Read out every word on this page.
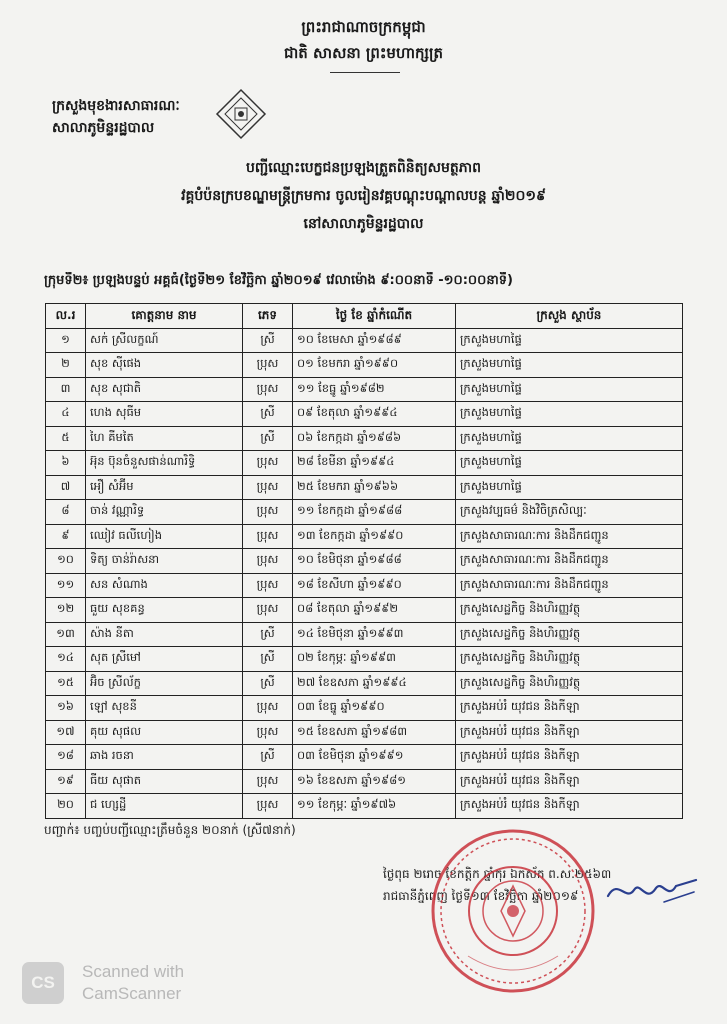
ព្រះរាជាណាចក្រកម្ពុជា
ជាតិ សាសនា ព្រះមហាក្សត្រ
ក្រសួងមុខងារសាធារណៈ
សាលាភូមិន្ទរដ្ឋបាល
បញ្ជីឈ្មោះបេក្ខជនប្រឡងត្រួតពិនិត្យសមត្ថភាព
វគ្គបំប៉នក្របខណ្ឌមន្ត្រីក្រមការ ចូលរៀនវគ្គបណ្តុះបណ្តាលបន្ត ឆ្នាំ២០១៩
នៅសាលាភូមិន្ទរដ្ឋបាល
ក្រុមទី២៖ ប្រឡងបន្ទប់ អគ្គធំ(ថ្ងៃទី២១ ខែវិច្ឆិកា ឆ្នាំ២០១៩ វេលាម៉ោង ៩:០០នាទី -១០:០០នាទី)
ល.រ	គោត្តនាម នាម	ភេទ	ថ្ងៃ ខែ ឆ្នាំកំណើត	ក្រសួង ស្ថាប័ន
១	សក់ ស្រីលក្ខណ៍	ស្រី	១០ ខែមេសា ឆ្នាំ១៩៨៩	ក្រសួងមហាផ្ទៃ
២	សុខ ស៊ីផេង	ប្រុស	០១ ខែមករា ឆ្នាំ១៩៩០	ក្រសួងមហាផ្ទៃ
៣	សុខ សុជាតិ	ប្រុស	១១ ខែធ្នូ ឆ្នាំ១៩៨២	ក្រសួងមហាផ្ទៃ
៤	ហេង សុធីម	ស្រី	០៩ ខែតុលា ឆ្នាំ១៩៩៤	ក្រសួងមហាផ្ទៃ
៥	ហៃ គីមតៃ	ស្រី	០៦ ខែកក្កដា ឆ្នាំ១៩៨៦	ក្រសួងមហាផ្ទៃ
៦	អ៊ុន ប៊ុនចំនួសផាន់ណារិទ្ធិ	ប្រុស	២៨ ខែមីនា ឆ្នាំ១៩៩៤	ក្រសួងមហាផ្ទៃ
៧	អឿ សំអ៊ីម	ប្រុស	២៥ ខែមករា ឆ្នាំ១៩៦៦	ក្រសួងមហាផ្ទៃ
៨	ចាន់ វណ្ណារិទ្ធ	ប្រុស	១១ ខែកក្កដា ឆ្នាំ១៩៨៨	ក្រសួងវប្បធម៌ និងវិចិត្រសិល្បៈ
៩	ឈៀវ ធលីហៀង	ប្រុស	១៣ ខែកក្កដា ឆ្នាំ១៩៩០	ក្រសួងសាធារណៈការ និងដឹកជញ្ជូន
១០	ទិត្យ ចាន់រ៉ាសនា	ប្រុស	១០ ខែមិថុនា ឆ្នាំ១៩៨៨	ក្រសួងសាធារណៈការ និងដឹកជញ្ជូន
១១	សន សំណាង	ប្រុស	១៨ ខែសីហា ឆ្នាំ១៩៩០	ក្រសួងសាធារណៈការ និងដឹកជញ្ជូន
១២	ធួយ សុខគន្ធ	ប្រុស	០៨ ខែតុលា ឆ្នាំ១៩៩២	ក្រសួងសេដ្ឋកិច្ច និងហិរញ្ញវត្ថុ
១៣	ស៉ាង នីតា	ស្រី	១៤ ខែមិថុនា ឆ្នាំ១៩៩៣	ក្រសួងសេដ្ឋកិច្ច និងហិរញ្ញវត្ថុ
១៤	សុត ស្រីមៅ	ស្រី	០២ ខែកុម្ភៈ ឆ្នាំ១៩៩៣	ក្រសួងសេដ្ឋកិច្ច និងហិរញ្ញវត្ថុ
១៥	អ៊ិច ស្រីល័ក្ខ	ស្រី	២៧ ខែឧសភា ឆ្នាំ១៩៩៤	ក្រសួងសេដ្ឋកិច្ច និងហិរញ្ញវត្ថុ
១៦	ឡៅ សុខនី	ប្រុស	០៣ ខែធ្នូ ឆ្នាំ១៩៩០	ក្រសួងអប់រំ យុវជន និងកីឡា
១៧	គុយ សុផល	ប្រុស	១៥ ខែឧសភា ឆ្នាំ១៩៨៣	ក្រសួងអប់រំ យុវជន និងកីឡា
១៨	ឆាង រចនា	ស្រី	០៣ ខែមិថុនា ឆ្នាំ១៩៩១	ក្រសួងអប់រំ យុវជន និងកីឡា
១៩	ធីយ សុផាត	ប្រុស	១៦ ខែឧសភា ឆ្នាំ១៩៨១	ក្រសួងអប់រំ យុវជន និងកីឡា
២០	ជ ហ្សេដ្ឋី	ប្រុស	១១ ខែកុម្ភៈ ឆ្នាំ១៩៧៦	ក្រសួងអប់រំ យុវជន និងកីឡា
បញ្ជាក់៖ បញ្ចប់បញ្ជីឈ្មោះត្រឹមចំនួន ២០នាក់ (ស្រី៧នាក់)
ថ្ងៃពុធ ២រោច ខែកត្តិក ឆ្នាំកុរ ឯកស័ក ព.ស.២៥៦៣
រាជធានីភ្នំពេញ ថ្ងៃទី១៣ ខែវិច្ឆិកា ឆ្នាំ២០១៩
CS
Scanned with
CamScanner
